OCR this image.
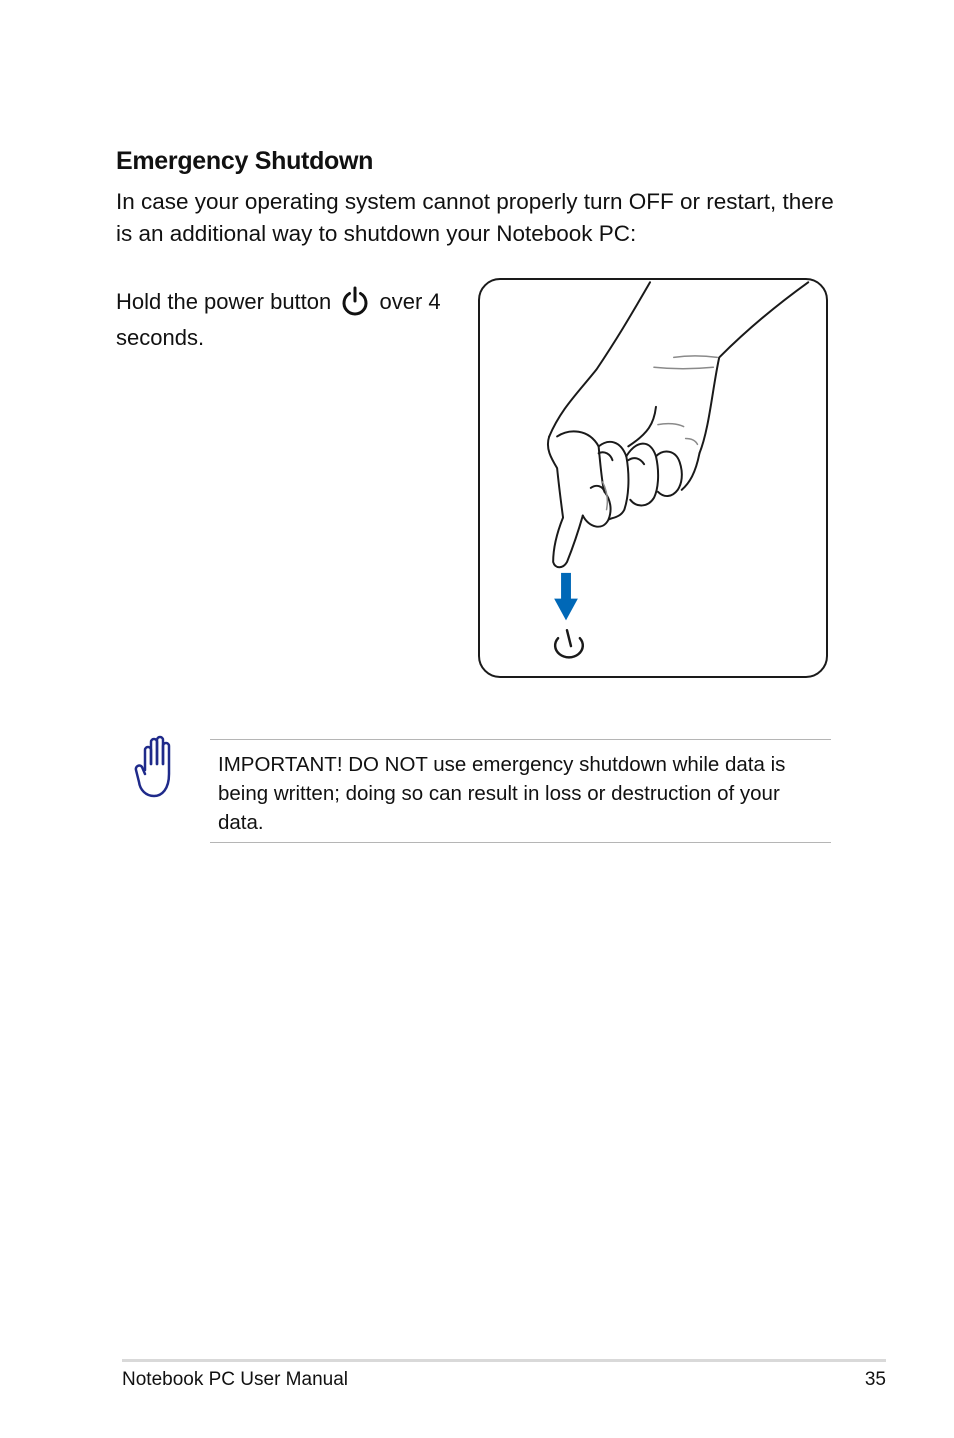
Emergency Shutdown

In case your operating system cannot properly turn OFF or restart, there is an additional way to shutdown your Notebook PC:

Hold the power button over 4 seconds.

IMPORTANT! DO NOT use emergency shutdown while data is being written; doing so can result in loss or destruction of your data.

Notebook PC User Manual	35
